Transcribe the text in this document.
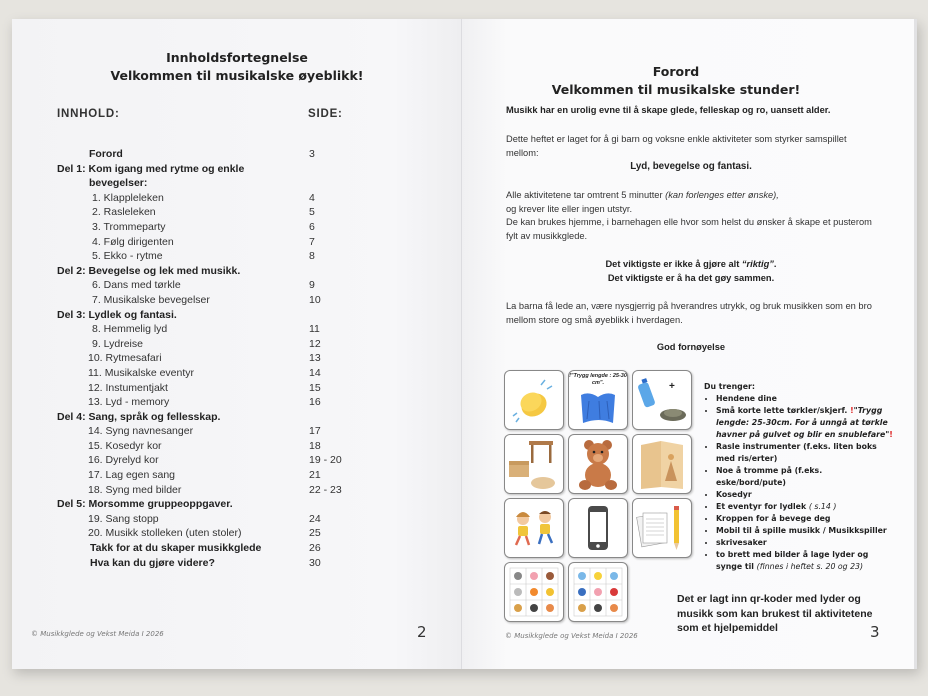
Innholdsfortegnelse
Velkommen til musikalske øyeblikk!
INNHOLD:	SIDE:
Forord	3
Del 1: Kom igang med rytme og enkle
bevegelser:
1. Klappleleken	4
2. Rasleleken	5
3. Trommeparty	6
4. Følg dirigenten	7
5. Ekko - rytme	8
Del 2: Bevegelse og lek med musikk.
6. Dans med tørkle	9
7. Musikalske bevegelser	10
Del 3: Lydlek og fantasi.
8. Hemmelig lyd	11
9. Lydreise	12
10. Rytmesafari	13
11. Musikalske eventyr	14
12. Instumentjakt	15
13. Lyd - memory	16
Del 4: Sang, språk og fellesskap.
14. Syng navnesanger	17
15. Kosedyr kor	18
16. Dyrelyd kor	19 - 20
17. Lag egen sang	21
18. Syng med bilder	22 - 23
Del 5: Morsomme gruppeoppgaver.
19. Sang stopp	24
20. Musikk stolleken (uten stoler)	25
Takk for at du skaper musikkglede	26
Hva kan du gjøre videre?	30
© Musikkglede og Vekst Meida I 2026	2
Forord
Velkommen til musikalske stunder!
Musikk har en urolig evne til å skape glede, felleskap og ro, uansett alder.
Dette heftet er laget for å gi barn og voksne enkle aktiviteter som styrker samspillet mellom:
Lyd, bevegelse og fantasi.
Alle aktivitetene tar omtrent 5 minutter (kan forlenges etter ønske),
og krever lite eller ingen utstyr.
De kan brukes hjemme, i barnehagen elle hvor som helst du ønsker å skape et pusterom fylt av musikkglede.
Det viktigste er ikke å gjøre alt “riktig”.
Det viktigste er å ha det gøy sammen.
La barna få lede an, være nysgjerrig på hverandres utrykk, og bruk musikken som en bro mellom store og små øyeblikk i hverdagen.
God fornøyelse
!"Trygg lengde : 25-30 cm".	+	Du trenger:
• Hendene dine
• Små korte lette tørkler/skjerf. !"Trygg lengde: 25-30cm. For å unngå at tørkle havner på gulvet og blir en snublefare"!
• Rasle instrumenter (f.eks. liten boks med ris/erter)
• Noe å tromme på (f.eks. eske/bord/pute)
• Kosedyr
• Et eventyr for lydlek ( s.14 )
• Kroppen for å bevege deg
• Mobil til å spille musikk / Musikkspiller
• skrivesaker
• to brett med bilder å lage lyder og synge til (finnes i heftet s. 20 og 23)
Det er lagt inn qr-koder med lyder og musikk som kan brukest til aktivitetene som et hjelpemiddel
© Musikkglede og Vekst Meida I 2026	3
